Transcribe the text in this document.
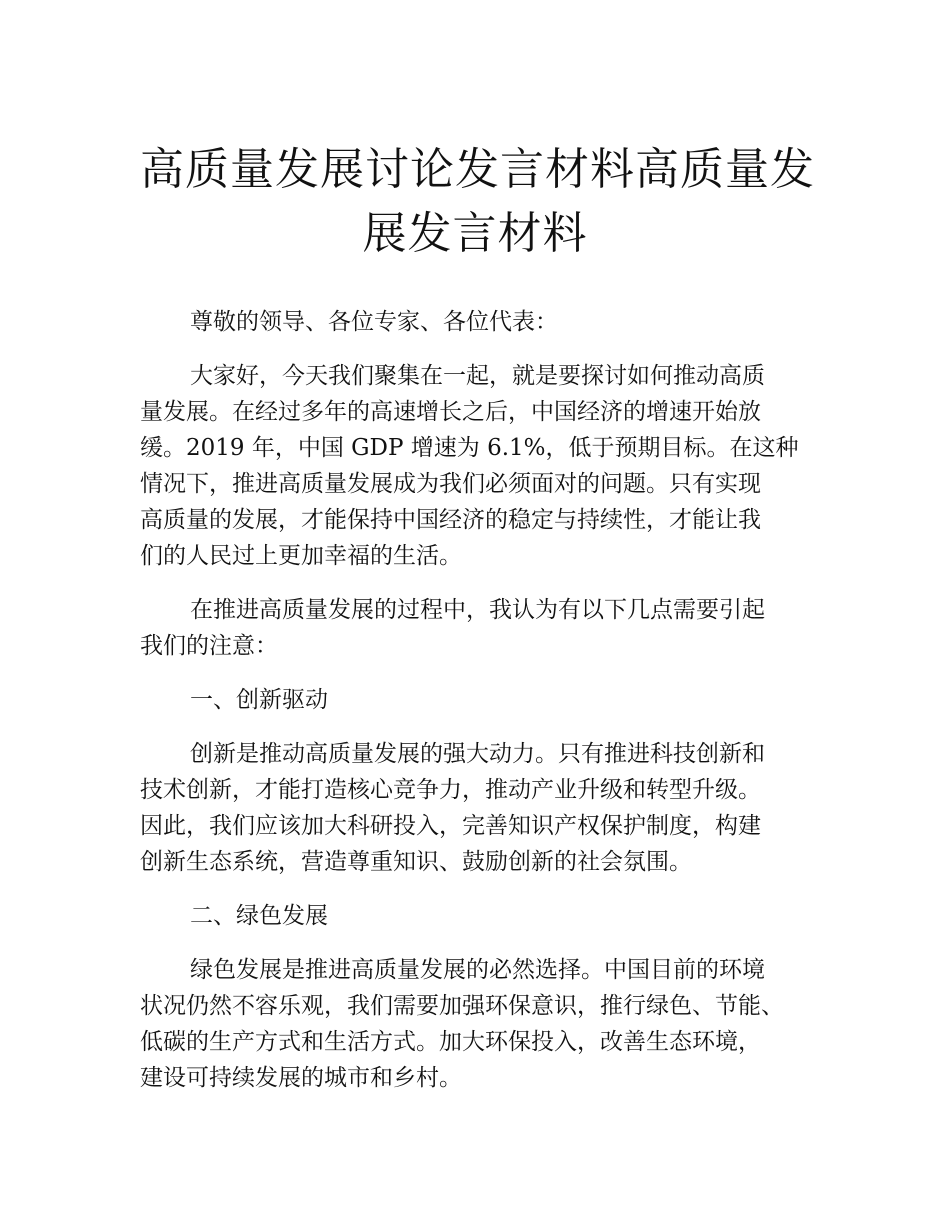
高质量发展讨论发言材料高质量发
展发言材料

尊敬的领导、各位专家、各位代表：

大家好，今天我们聚集在一起，就是要探讨如何推动高质
量发展。在经过多年的高速增长之后，中国经济的增速开始放
缓。2019 年，中国 GDP 增速为 6.1%，低于预期目标。在这种
情况下，推进高质量发展成为我们必须面对的问题。只有实现
高质量的发展，才能保持中国经济的稳定与持续性，才能让我
们的人民过上更加幸福的生活。

在推进高质量发展的过程中，我认为有以下几点需要引起
我们的注意：

一、创新驱动

创新是推动高质量发展的强大动力。只有推进科技创新和
技术创新，才能打造核心竞争力，推动产业升级和转型升级。
因此，我们应该加大科研投入，完善知识产权保护制度，构建
创新生态系统，营造尊重知识、鼓励创新的社会氛围。

二、绿色发展

绿色发展是推进高质量发展的必然选择。中国目前的环境
状况仍然不容乐观，我们需要加强环保意识，推行绿色、节能、
低碳的生产方式和生活方式。加大环保投入，改善生态环境，
建设可持续发展的城市和乡村。
